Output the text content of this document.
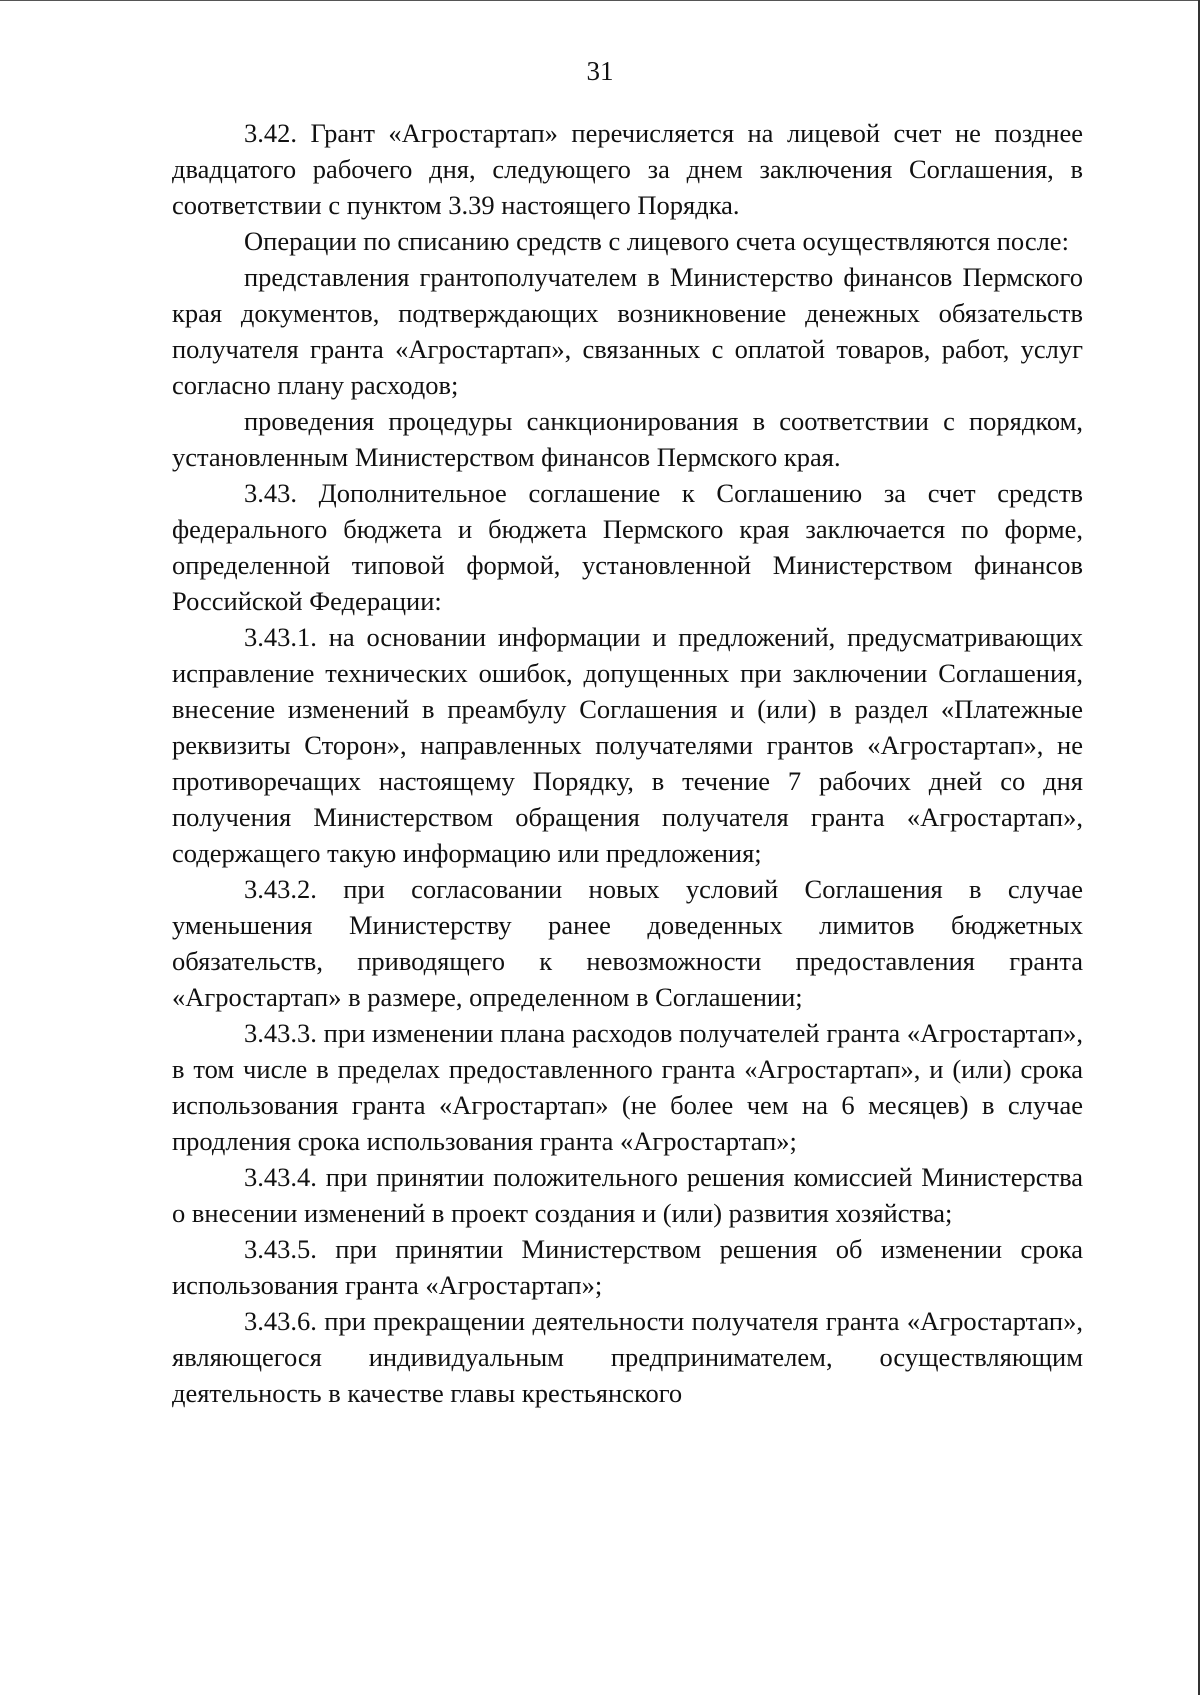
31

3.42. Грант «Агростартап» перечисляется на лицевой счет не позднее двадцатого рабочего дня, следующего за днем заключения Соглашения, в соответствии с пунктом 3.39 настоящего Порядка.

Операции по списанию средств с лицевого счета осуществляются после:

представления грантополучателем в Министерство финансов Пермского края документов, подтверждающих возникновение денежных обязательств получателя гранта «Агростартап», связанных с оплатой товаров, работ, услуг согласно плану расходов;

проведения процедуры санкционирования в соответствии с порядком, установленным Министерством финансов Пермского края.

3.43. Дополнительное соглашение к Соглашению за счет средств федерального бюджета и бюджета Пермского края заключается по форме, определенной типовой формой, установленной Министерством финансов Российской Федерации:

3.43.1. на основании информации и предложений, предусматривающих исправление технических ошибок, допущенных при заключении Соглашения, внесение изменений в преамбулу Соглашения и (или) в раздел «Платежные реквизиты Сторон», направленных получателями грантов «Агростартап», не противоречащих настоящему Порядку, в течение 7 рабочих дней со дня получения Министерством обращения получателя гранта «Агростартап», содержащего такую информацию или предложения;

3.43.2. при согласовании новых условий Соглашения в случае уменьшения Министерству ранее доведенных лимитов бюджетных обязательств, приводящего к невозможности предоставления гранта «Агростартап» в размере, определенном в Соглашении;

3.43.3. при изменении плана расходов получателей гранта «Агростартап», в том числе в пределах предоставленного гранта «Агростартап», и (или) срока использования гранта «Агростартап» (не более чем на 6 месяцев) в случае продления срока использования гранта «Агростартап»;

3.43.4. при принятии положительного решения комиссией Министерства о внесении изменений в проект создания и (или) развития хозяйства;

3.43.5. при принятии Министерством решения об изменении срока использования гранта «Агростартап»;

3.43.6. при прекращении деятельности получателя гранта «Агростартап», являющегося индивидуальным предпринимателем, осуществляющим деятельность в качестве главы крестьянского
